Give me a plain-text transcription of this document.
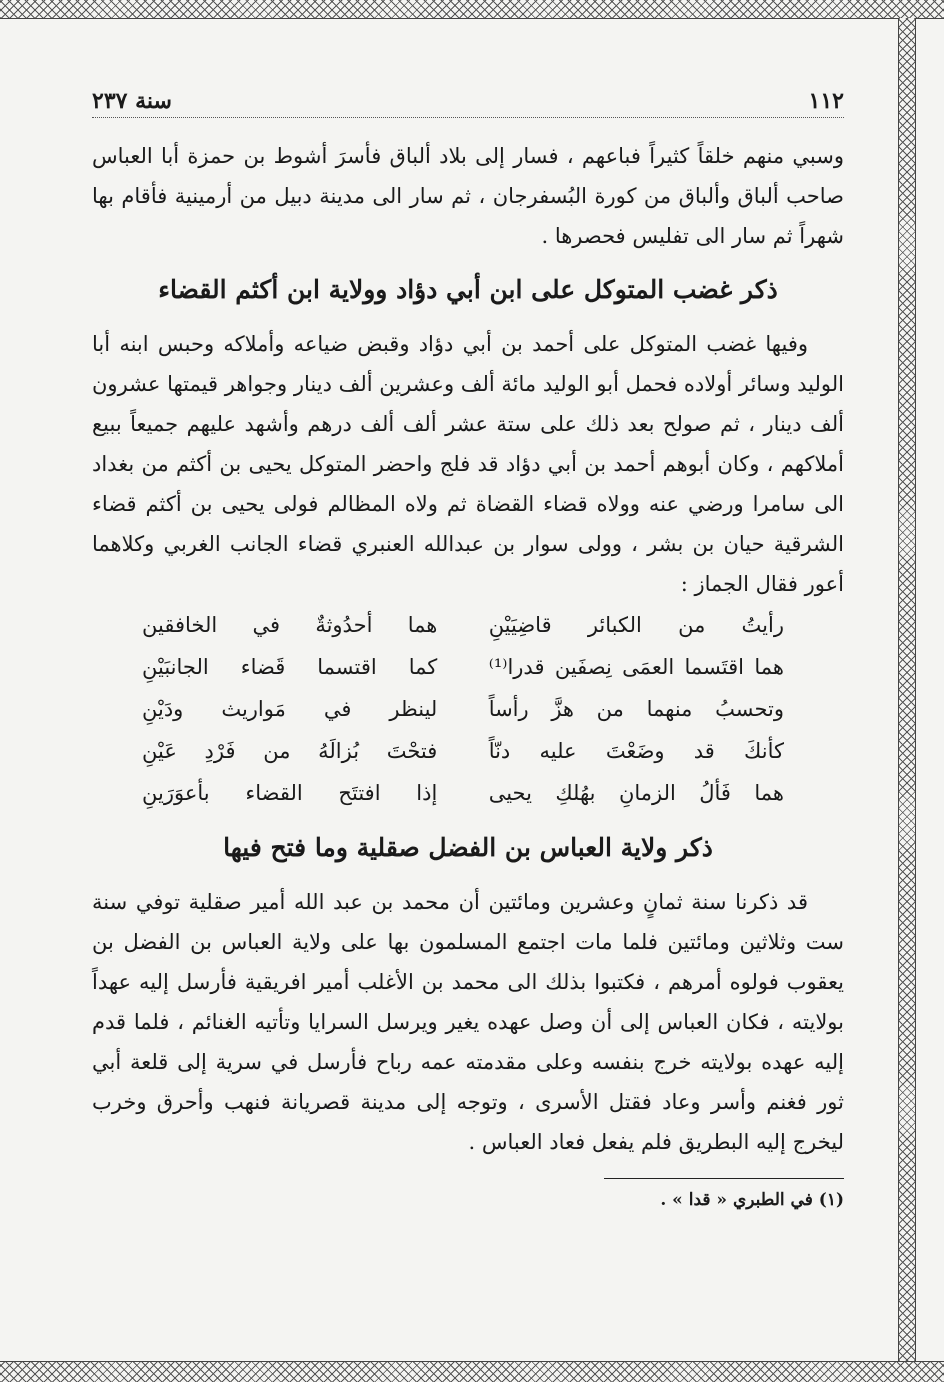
١١٢
سنة ٢٣٧

وسبي منهم خلقاً كثيراً فباعهم ، فسار إلى بلاد ألباق فأسرَ أشوط بن حمزة أبا العباس صاحب ألباق وألباق من كورة البُسفرجان ، ثم سار الى مدينة دبيل من أرمينية فأقام بها شهراً ثم سار الى تفليس فحصرها .

ذكر غضب المتوكل على ابن أبي دؤاد وولاية ابن أكثم القضاء

وفيها غضب المتوكل على أحمد بن أبي دؤاد وقبض ضياعه وأملاكه وحبس ابنه أبا الوليد وسائر أولاده فحمل أبو الوليد مائة ألف وعشرين ألف دينار وجواهر قيمتها عشرون ألف دينار ، ثم صولح بعد ذلك على ستة عشر ألف ألف درهم وأشهد عليهم جميعاً ببيع أملاكهم ، وكان أبوهم أحمد بن أبي دؤاد قد فلج واحضر المتوكل يحيى بن أكثم من بغداد الى سامرا ورضي عنه وولاه قضاء القضاة ثم ولاه المظالم فولى يحيى بن أكثم قضاء الشرقية حيان بن بشر ، وولى سوار بن عبدالله العنبري قضاء الجانب الغربي وكلاهما أعور فقال الجماز :

رأيتُ من الكبائر قاضِيَيْنِ
هما أحدُوثةٌ في الخافقين
هما اقتَسما العمَى نِصفَين قدرا⁽¹⁾
كما اقتسما قَضاء الجانبَيْنِ
وتحسبُ منهما من هزَّ رأساً
لينظر في مَواريث ودَيْنِ
كأنكَ قد وضَعْتَ عليه دنّاً
فتحْتَ بُزالَهُ من فَرْدِ عَيْنِ
هما فَألُ الزمانِ بهُلكِ يحيى
إذا افتتَح القضاء بأعوَرَينِ
ذكر ولاية العباس بن الفضل صقلية وما فتح فيها

قد ذكرنا سنة ثمانٍ وعشرين ومائتين أن محمد بن عبد الله أمير صقلية توفي سنة ست وثلاثين ومائتين فلما مات اجتمع المسلمون بها على ولاية العباس بن الفضل بن يعقوب فولوه أمرهم ، فكتبوا بذلك الى محمد بن الأغلب أمير افريقية فأرسل إليه عهداً بولايته ، فكان العباس إلى أن وصل عهده يغير ويرسل السرايا وتأتيه الغنائم ، فلما قدم إليه عهده بولايته خرج بنفسه وعلى مقدمته عمه رباح فأرسل في سرية إلى قلعة أبي ثور فغنم وأسر وعاد فقتل الأسرى ، وتوجه إلى مدينة قصريانة فنهب وأحرق وخرب ليخرج إليه البطريق فلم يفعل فعاد العباس .

(١) في الطبري « قدا » .
